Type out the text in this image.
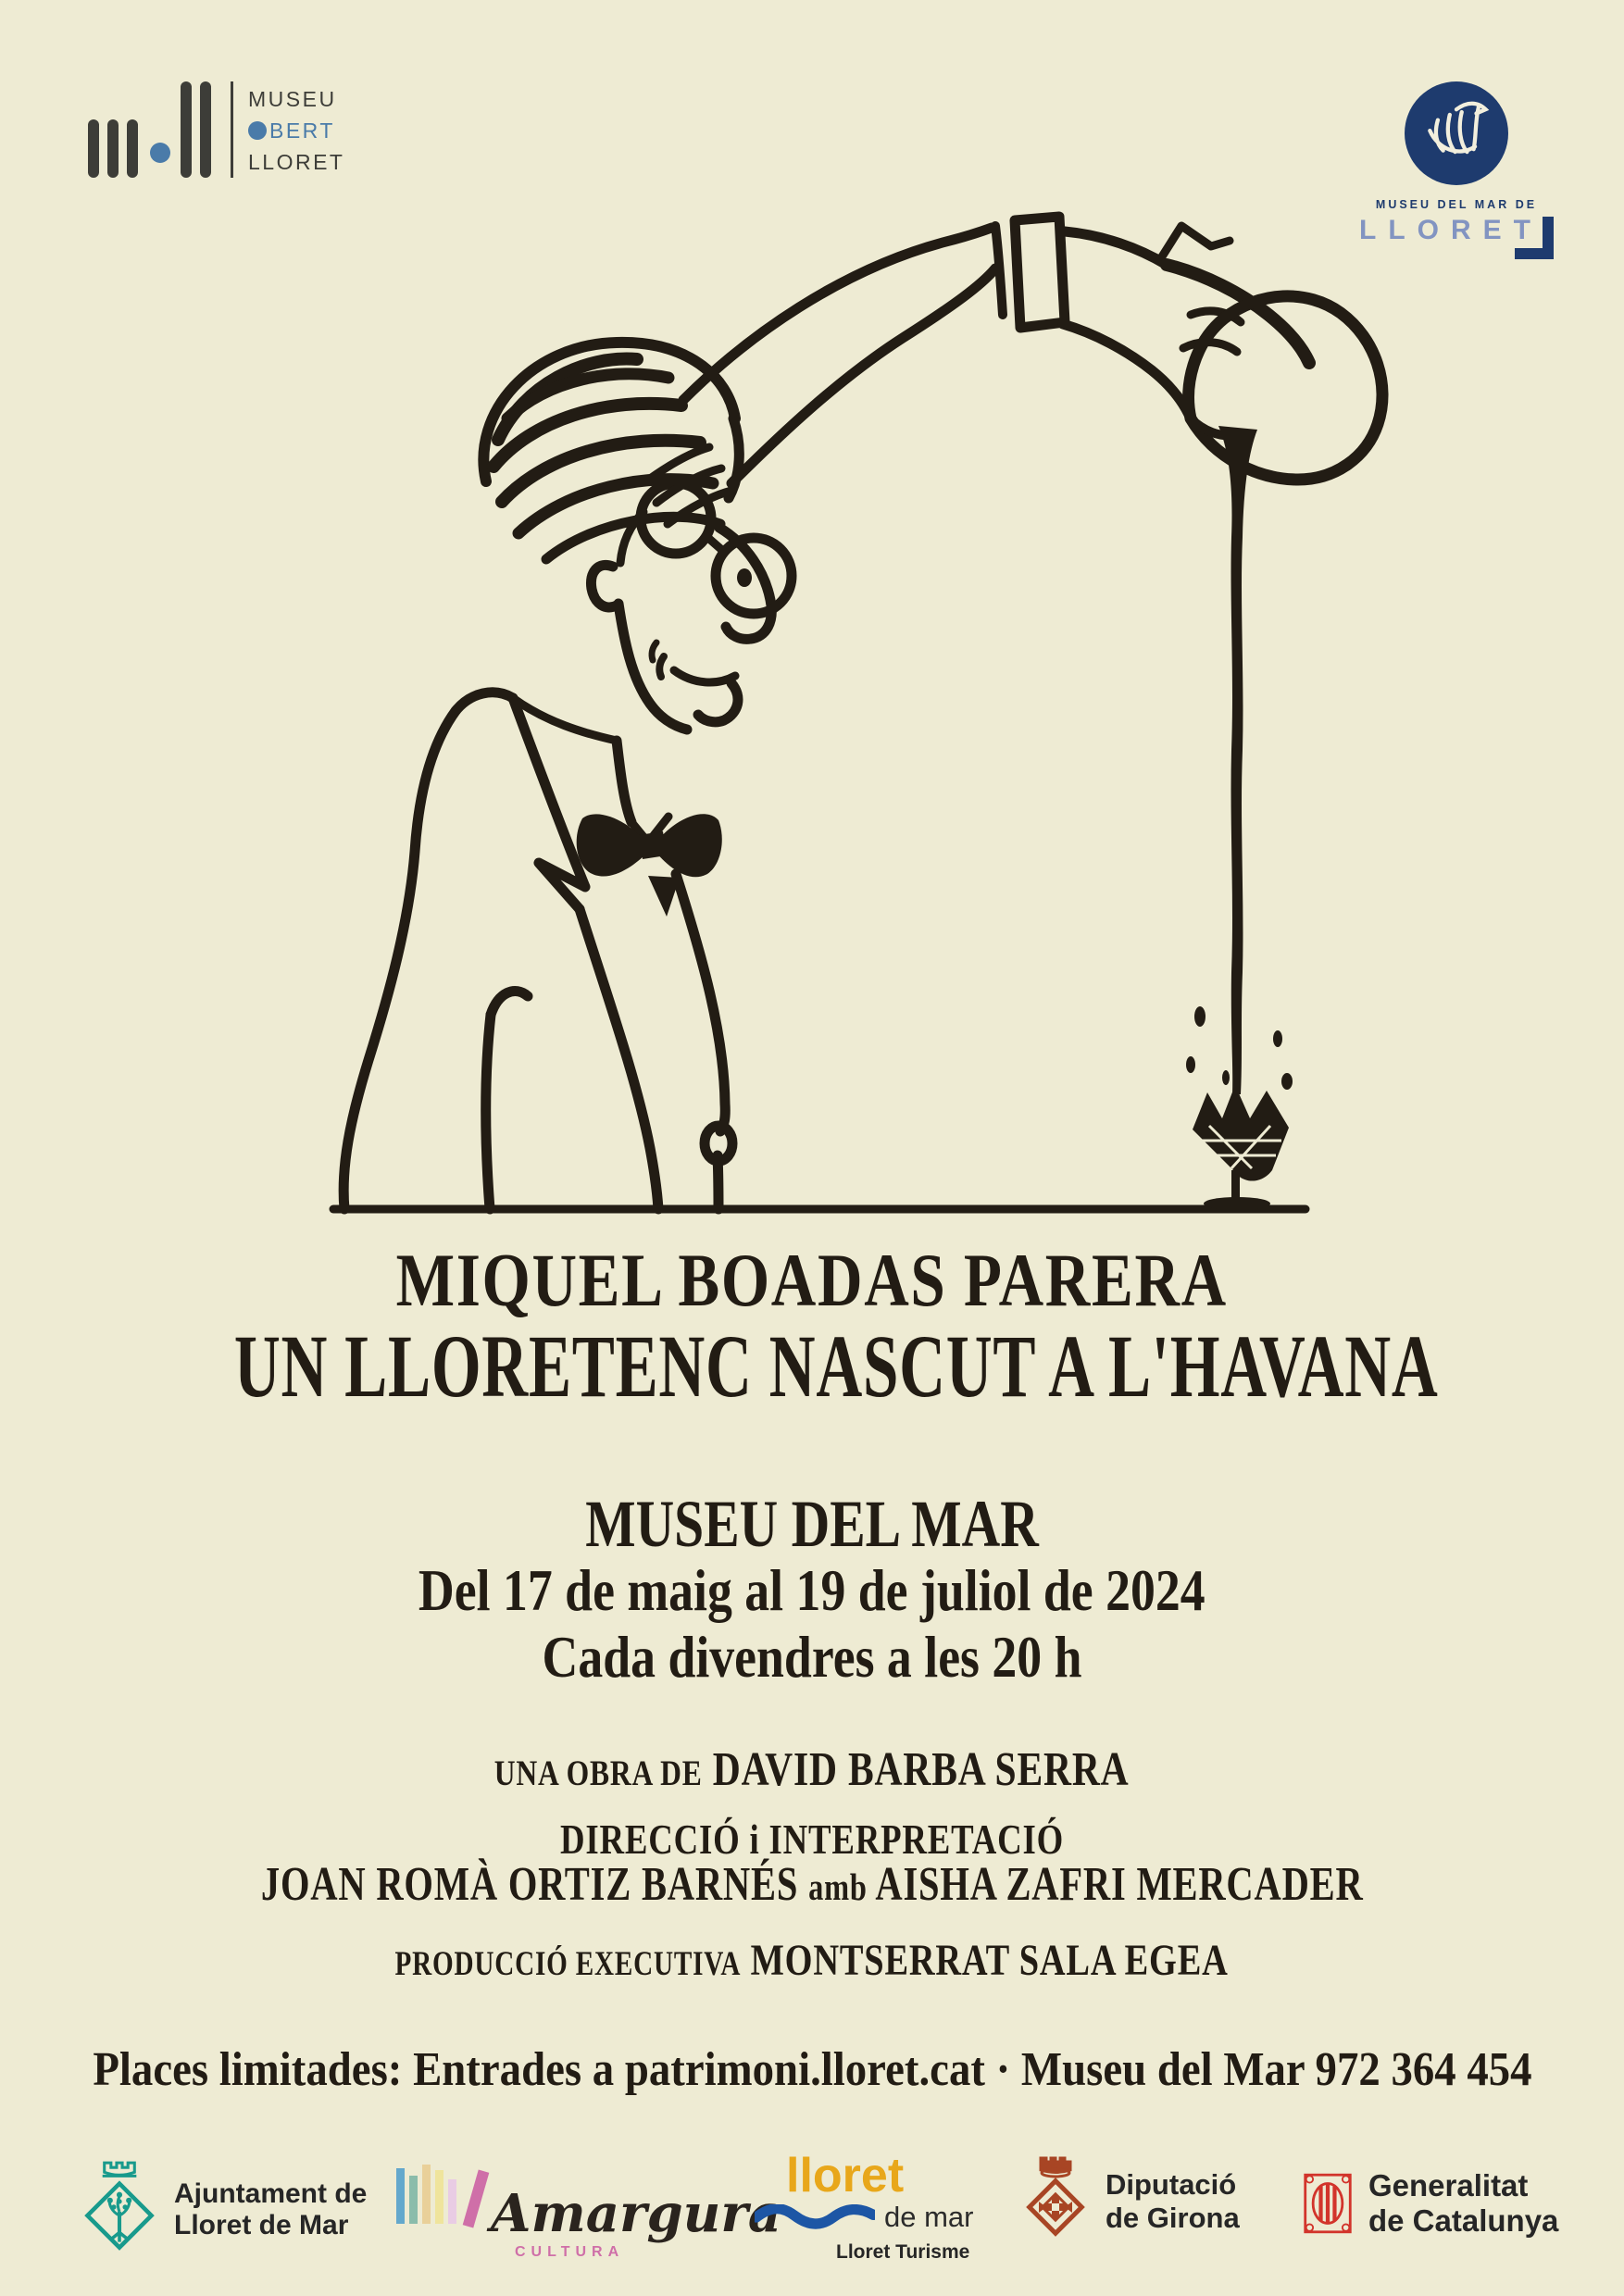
MUSEU
BERT
LLORET
MUSEU DEL MAR DE
LLORET
MIQUEL BOADAS PARERA
UN LLORETENC NASCUT A L'HAVANA
MUSEU DEL MAR
Del 17 de maig al 19 de juliol de 2024
Cada divendres a les 20 h
UNA OBRA DE DAVID BARBA SERRA
DIRECCIÓ i INTERPRETACIÓ
JOAN ROMÀ ORTIZ BARNÉS amb AISHA ZAFRI MERCADER
PRODUCCIÓ EXECUTIVA MONTSERRAT SALA EGEA
Places limitades: Entrades a patrimoni.lloret.cat · Museu del Mar 972 364 454
Ajuntament de
Lloret de Mar	Amargura
CULTURA
lloret
de mar
Lloret Turisme
Diputació
de Girona
Generalitat
de Catalunya
